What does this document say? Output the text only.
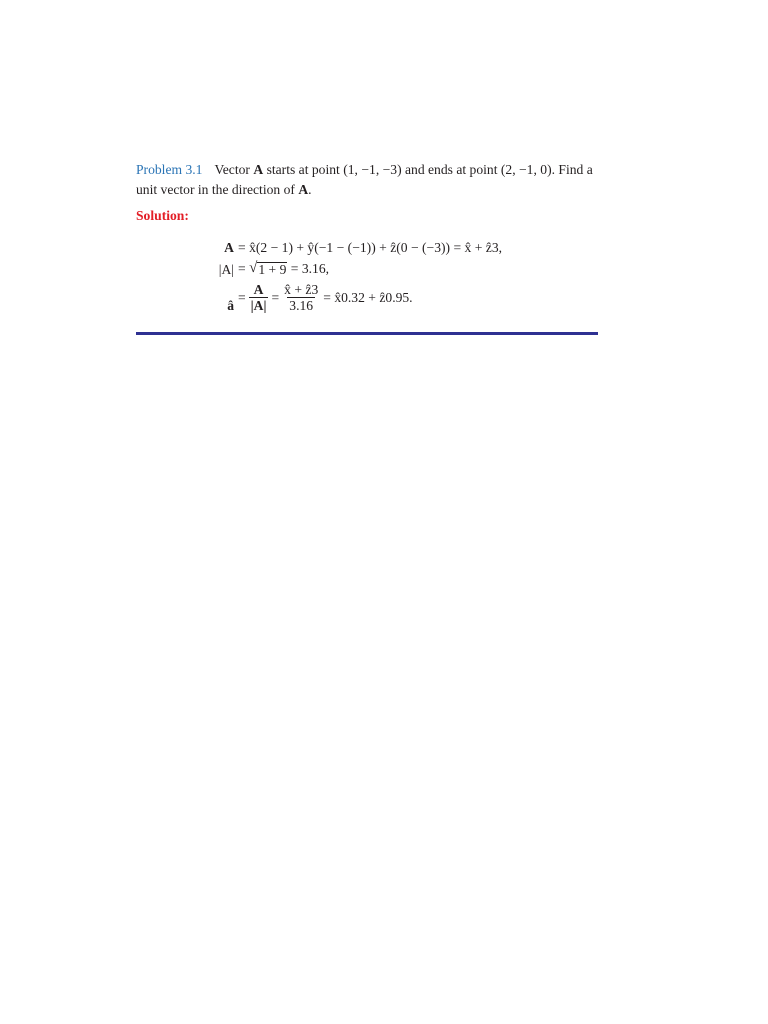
Problem 3.1 Vector A starts at point (1, −1, −3) and ends at point (2, −1, 0). Find a unit vector in the direction of A.
Solution:
A = x̂(2 − 1) + ŷ(−1 − (−1)) + ẑ(0 − (−3)) = x̂ + ẑ3,
|A| =
√ 1 + 9
= 3.16,
â
= $\frac{A}{|A|} = \frac{\text{x̂ + ẑ3}}{3.16}$ = x̂0.32 + ẑ0.95.
